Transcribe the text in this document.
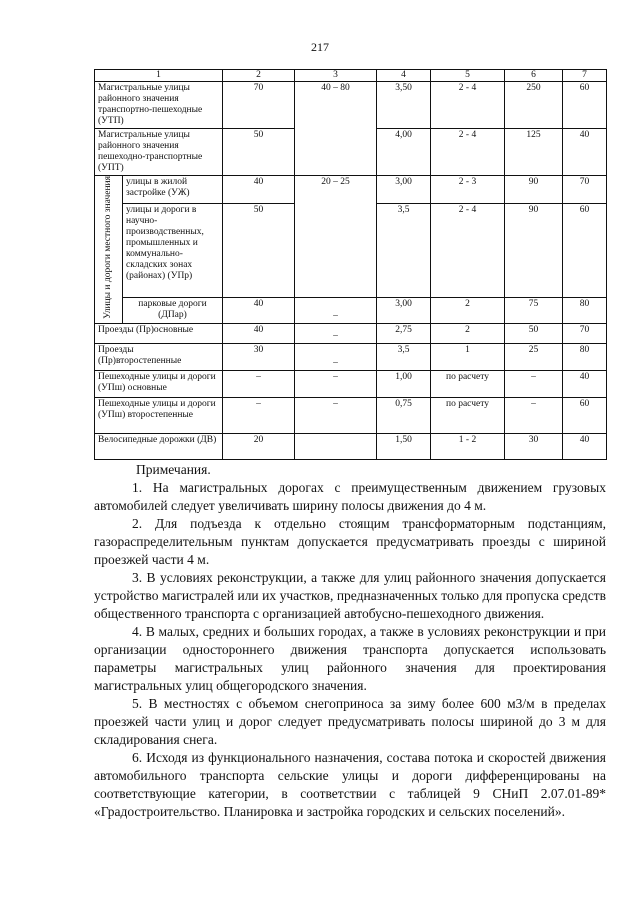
217
1		2	3	4	5	6	7
Магистральные улицы районного значения транспортно-пешеходные (УТП)		70	40 – 80	3,50	2 - 4	250	60
Магистральные улицы районного значения пешеходно-транспортные (УПТ)		50		4,00	2 - 4	125	40
Улицы и дороги местного значения	улицы в жилой застройке (УЖ)	40	20 – 25	3,00	2 - 3	90	70
	улицы и дороги в научно-производственных, промышленных и коммунально-складских зонах (районах) (УПр)	50		3,5	2 - 4	90	60
	парковые дороги (ДПар)	40	–	3,00	2	75	80
Проезды (Пр)основные		40	–	2,75	2	50	70
Проезды (Пр)второстепенные		30	–	3,5	1	25	80
Пешеходные улицы и дороги (УПш) основные		–	–	1,00	по расчету	–	40
Пешеходные улицы и дороги (УПш) второстепенные		–	–	0,75	по расчету	–	60
Велосипедные дорожки (ДВ)		20		1,50	1 - 2	30	40

Примечания.

1. На магистральных дорогах с преимущественным движением грузовых автомобилей следует увеличивать ширину полосы движения до 4 м.

2. Для подъезда к отдельно стоящим трансформаторным подстанциям, газораспределительным пунктам допускается предусматривать проезды с шириной проезжей части 4 м.

3. В условиях реконструкции, а также для улиц районного значения допускается устройство магистралей или их участков, предназначенных только для пропуска средств общественного транспорта с организацией автобусно-пешеходного движения.

4. В малых, средних и больших городах, а также в условиях реконструкции и при организации одностороннего движения транспорта допускается использовать параметры магистральных улиц районного значения для проектирования магистральных улиц общегородского значения.

5. В местностях с объемом снегоприноса за зиму более 600 м3/м в пределах проезжей части улиц и дорог следует предусматривать полосы шириной до 3 м для складирования снега.

6. Исходя из функционального назначения, состава потока и скоростей движения автомобильного транспорта сельские улицы и дороги дифференцированы на соответствующие категории, в соответствии с таблицей 9 СНиП 2.07.01-89* «Градостроительство. Планировка и застройка городских и сельских поселений».
